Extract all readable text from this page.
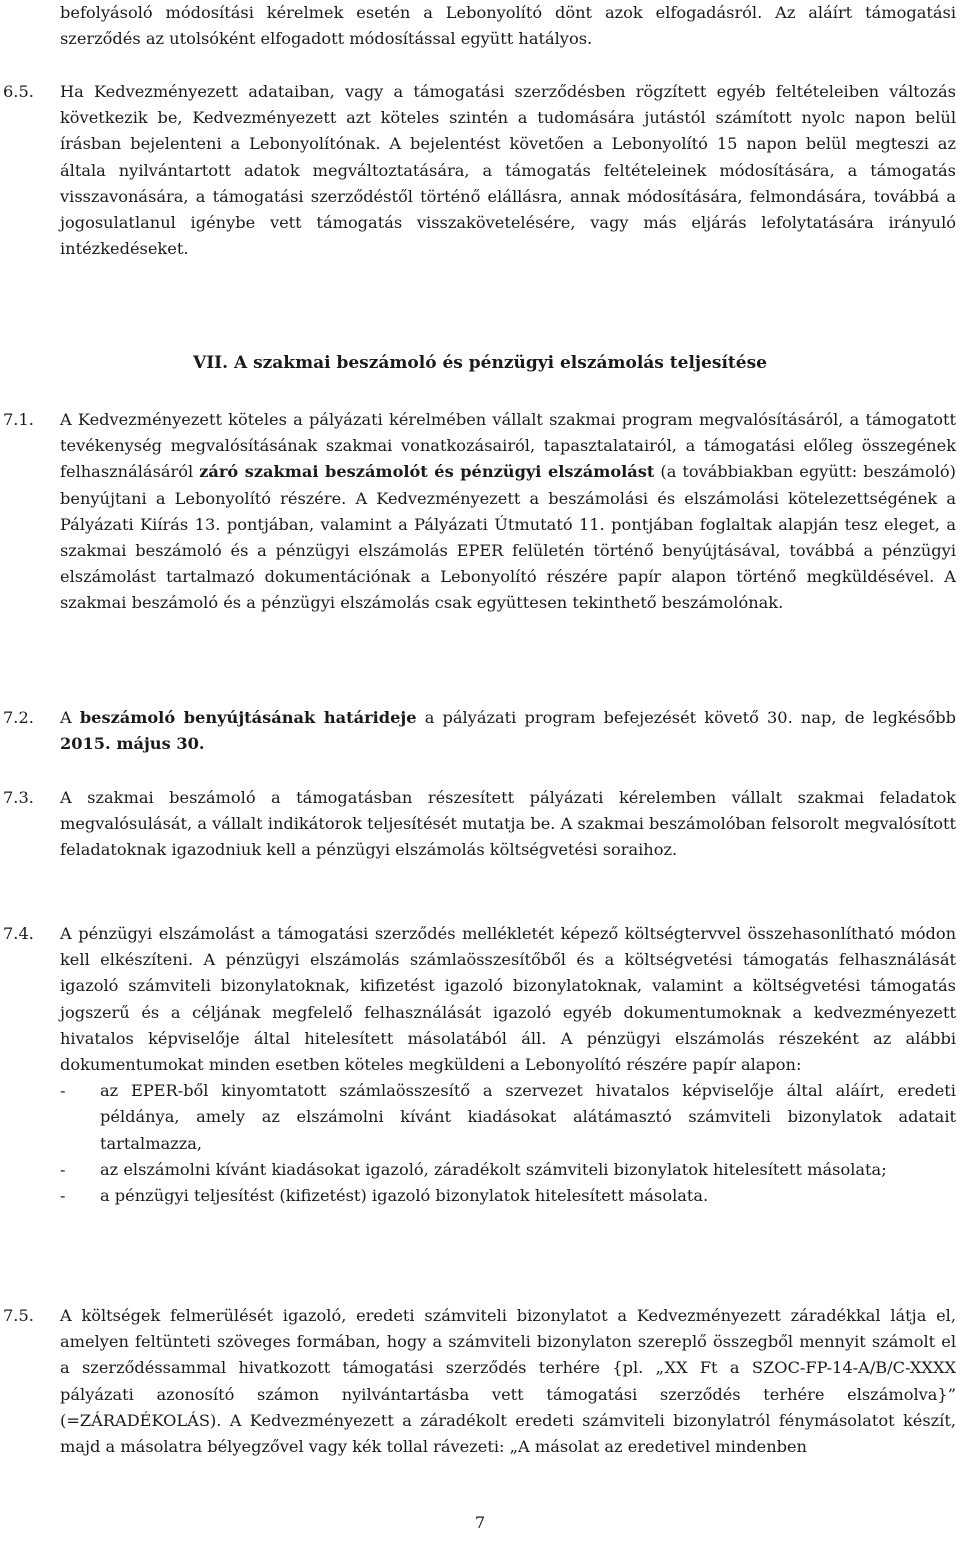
befolyásoló módosítási kérelmek esetén a Lebonyolító dönt azok elfogadásról. Az aláírt támogatási szerződés az utolsóként elfogadott módosítással együtt hatályos.

6.5.	Ha Kedvezményezett adataiban, vagy a támogatási szerződésben rögzített egyéb feltételeiben változás következik be, Kedvezményezett azt köteles szintén a tudomására jutástól számított nyolc napon belül írásban bejelenteni a Lebonyolítónak. A bejelentést követően a Lebonyolító 15 napon belül megteszi az általa nyilvántartott adatok megváltoztatására, a támogatás feltételeinek módosítására, a támogatás visszavonására, a támogatási szerződéstől történő elállásra, annak módosítására, felmondására, továbbá a jogosulatlanul igénybe vett támogatás visszakövetelésére, vagy más eljárás lefolytatására irányuló intézkedéseket.

VII. A szakmai beszámoló és pénzügyi elszámolás teljesítése
7.1.	A Kedvezményezett köteles a pályázati kérelmében vállalt szakmai program megvalósításáról, a támogatott tevékenység megvalósításának szakmai vonatkozásairól, tapasztalatairól, a támogatási előleg összegének felhasználásáról záró szakmai beszámolót és pénzügyi elszámolást (a továbbiakban együtt: beszámoló) benyújtani a Lebonyolító részére. A Kedvezményezett a beszámolási és elszámolási kötelezettségének a Pályázati Kiírás 13. pontjában, valamint a Pályázati Útmutató 11. pontjában foglaltak alapján tesz eleget, a szakmai beszámoló és a pénzügyi elszámolás EPER felületén történő benyújtásával, továbbá a pénzügyi elszámolást tartalmazó dokumentációnak a Lebonyolító részére papír alapon történő megküldésével. A szakmai beszámoló és a pénzügyi elszámolás csak együttesen tekinthető beszámolónak.

7.2.	A beszámoló benyújtásának határideje a pályázati program befejezését követő 30. nap, de legkésőbb 2015. május 30.

7.3.	A szakmai beszámoló a támogatásban részesített pályázati kérelemben vállalt szakmai feladatok megvalósulását, a vállalt indikátorok teljesítését mutatja be. A szakmai beszámolóban felsorolt megvalósított feladatoknak igazodniuk kell a pénzügyi elszámolás költségvetési soraihoz.

7.4.	A pénzügyi elszámolást a támogatási szerződés mellékletét képező költségtervvel összehasonlítható módon kell elkészíteni. A pénzügyi elszámolás számlaösszesítőből és a költségvetési támogatás felhasználását igazoló számviteli bizonylatoknak, kifizetést igazoló bizonylatoknak, valamint a költségvetési támogatás jogszerű és a céljának megfelelő felhasználását igazoló egyéb dokumentumoknak a kedvezményezett hivatalos képviselője által hitelesített másolatából áll. A pénzügyi elszámolás részeként az alábbi dokumentumokat minden esetben köteles megküldeni a Lebonyolító részére papír alapon:

- az EPER-ből kinyomtatott számlaösszesítő a szervezet hivatalos képviselője által aláírt, eredeti példánya, amely az elszámolni kívánt kiadásokat alátámasztó számviteli bizonylatok adatait tartalmazza,
- az elszámolni kívánt kiadásokat igazoló, záradékolt számviteli bizonylatok hitelesített másolata;
- a pénzügyi teljesítést (kifizetést) igazoló bizonylatok hitelesített másolata.
7.5.	A költségek felmerülését igazoló, eredeti számviteli bizonylatot a Kedvezményezett záradékkal látja el, amelyen feltünteti szöveges formában, hogy a számviteli bizonylaton szereplő összegből mennyit számolt el a szerződéssammal hivatkozott támogatási szerződés terhére {pl. „XX Ft a SZOC-FP-14-A/B/C-XXXX pályázati azonosító számon nyilvántartásba vett támogatási szerződés terhére elszámolva}” (=ZÁRADÉKOLÁS). A Kedvezményezett a záradékolt eredeti számviteli bizonylatról fénymásolatot készít, majd a másolatra bélyegzővel vagy kék tollal rávezeti: „A másolat az eredetivel mindenben

7
